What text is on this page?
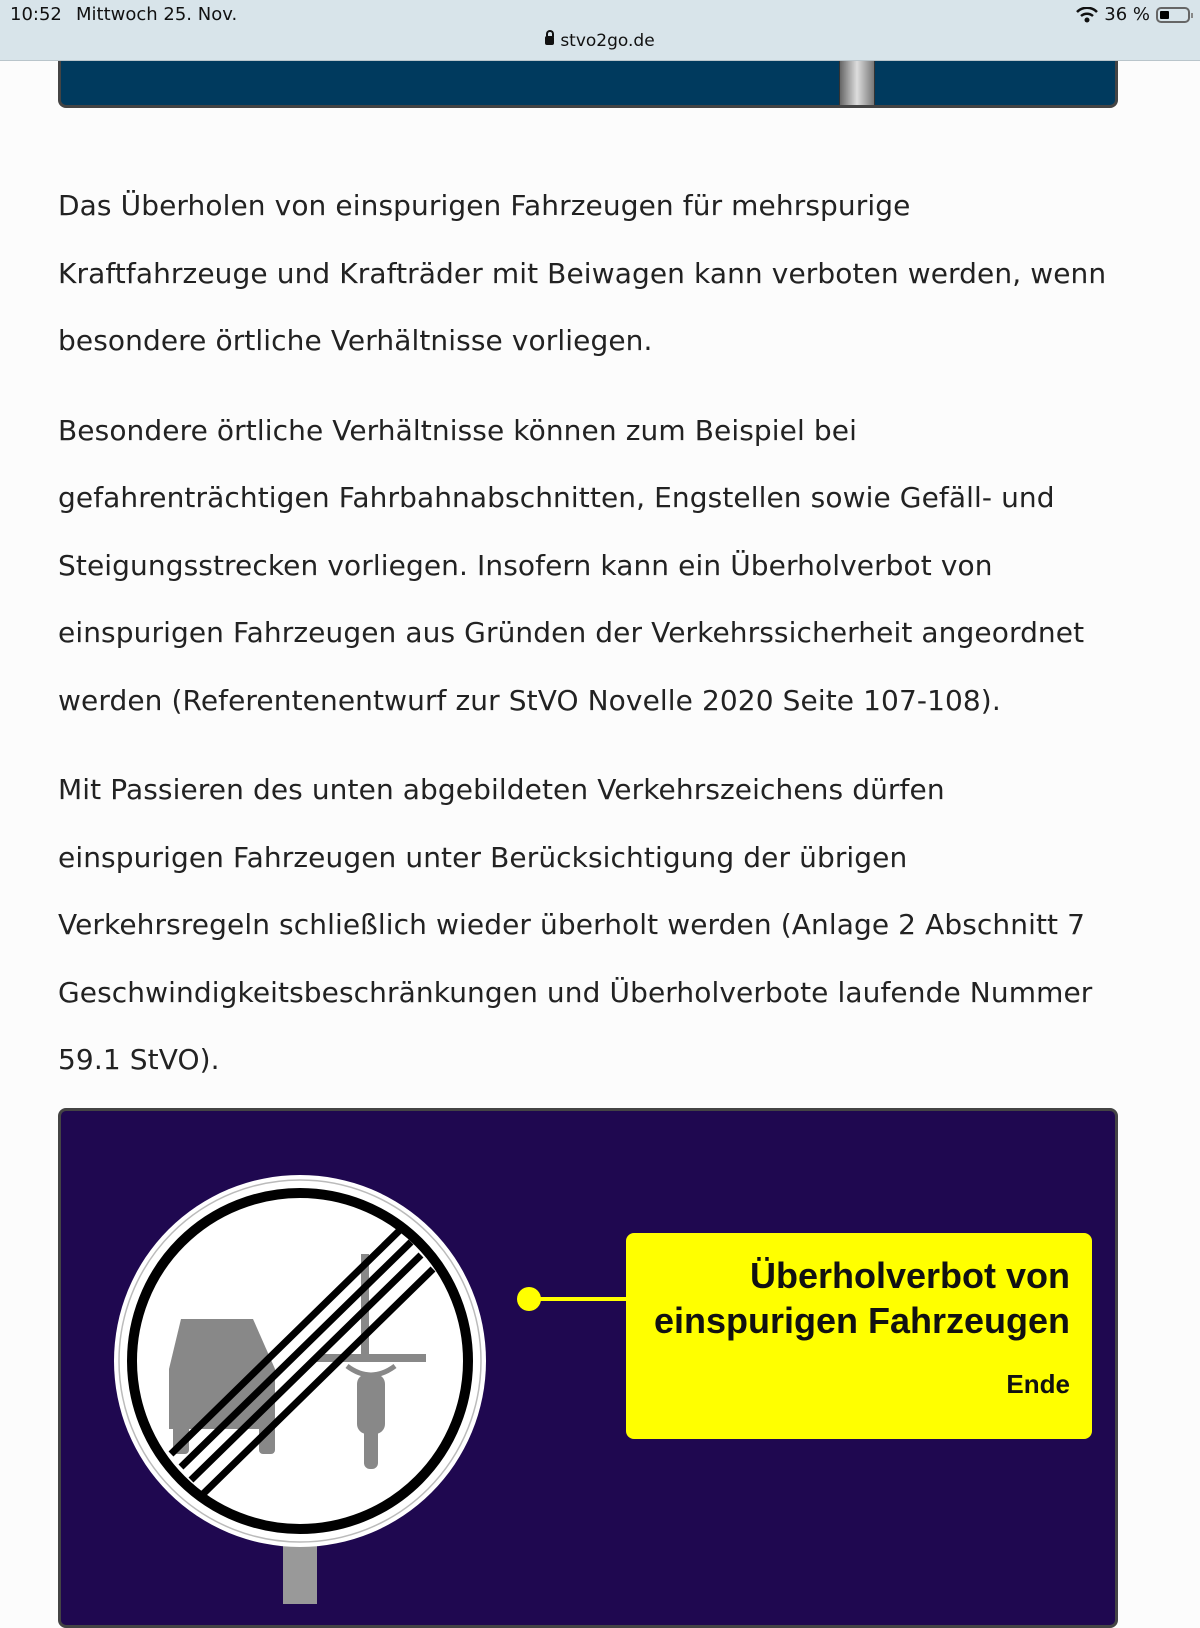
10:52 Mittwoch 25. Nov.	36 %
stvo2go.de
Das Überholen von einspurigen Fahrzeugen für mehrspurige
Kraftfahrzeuge und Krafträder mit Beiwagen kann verboten werden, wenn
besondere örtliche Verhältnisse vorliegen.
Besondere örtliche Verhältnisse können zum Beispiel bei
gefahrenträchtigen Fahrbahnabschnitten, Engstellen sowie Gefäll- und
Steigungsstrecken vorliegen. Insofern kann ein Überholverbot von
einspurigen Fahrzeugen aus Gründen der Verkehrssicherheit angeordnet
werden (Referentenentwurf zur StVO Novelle 2020 Seite 107-108).
Mit Passieren des unten abgebildeten Verkehrszeichens dürfen
einspurigen Fahrzeugen unter Berücksichtigung der übrigen
Verkehrsregeln schließlich wieder überholt werden (Anlage 2 Abschnitt 7
Geschwindigkeitsbeschränkungen und Überholverbote laufende Nummer
59.1 StVO).
Überholverbot von
einspurigen Fahrzeugen
Ende
